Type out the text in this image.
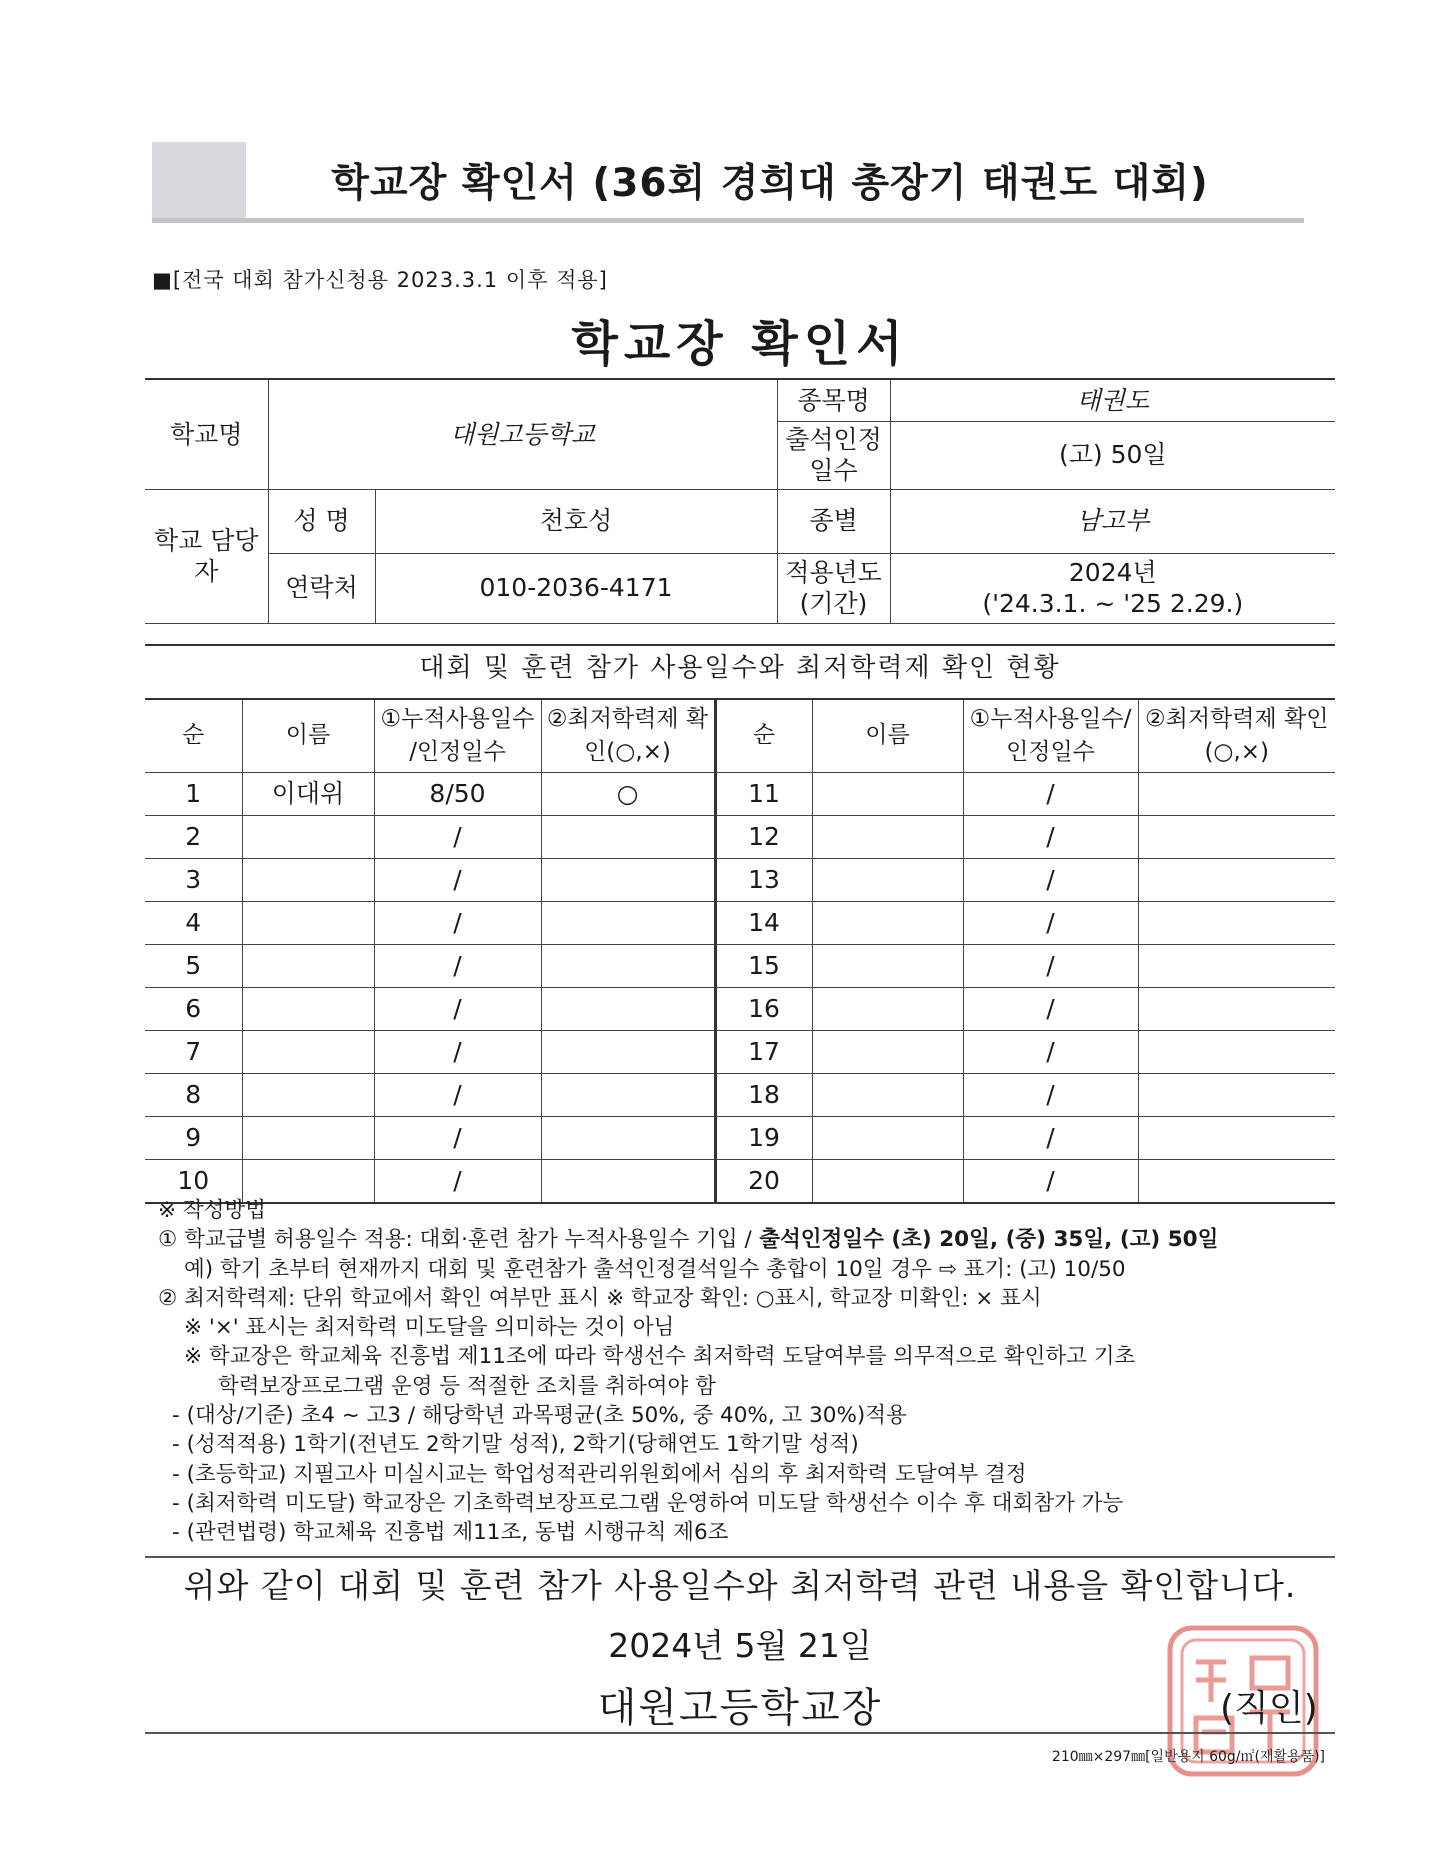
학교장 확인서 (36회 경희대 총장기 태권도 대회)
■[전국 대회 참가신청용 2023.3.1 이후 적용]
학교장 확인서
학교명	대원고등학교		종목명	태권도
			출석인정 일수	(고) 50일
학교 담당자	성 명	천호성	종별	남고부
	연락처	010-2036-4171	적용년도 (기간)	2024년
('24.3.1. ~ '25 2.29.)
대회 및 훈련 참가 사용일수와 최저학력제 확인 현황
순	이름	①누적사용일수 /인정일수	②최저학력제 확인(○,×)	순	이름	①누적사용일수/ 인정일수	②최저학력제 확인(○,×)
1	이대위	8/50	○	11		/	
2		/		12		/	
3		/		13		/	
4		/		14		/	
5		/		15		/	
6		/		16		/	
7		/		17		/	
8		/		18		/	
9		/		19		/	
10		/		20		/	
※ 작성방법
① 학교급별 허용일수 적용: 대회·훈련 참가 누적사용일수 기입 / 출석인정일수 (초) 20일, (중) 35일, (고) 50일
예) 학기 초부터 현재까지 대회 및 훈련참가 출석인정결석일수 총합이 10일 경우 ⇨ 표기: (고) 10/50
② 최저학력제: 단위 학교에서 확인 여부만 표시 ※ 학교장 확인: ○표시, 학교장 미확인: × 표시
※ '×' 표시는 최저학력 미도달을 의미하는 것이 아님
※ 학교장은 학교체육 진흥법 제11조에 따라 학생선수 최저학력 도달여부를 의무적으로 확인하고 기초
학력보장프로그램 운영 등 적절한 조치를 취하여야 함
- (대상/기준) 초4 ~ 고3 / 해당학년 과목평균(초 50%, 중 40%, 고 30%)적용
- (성적적용) 1학기(전년도 2학기말 성적), 2학기(당해연도 1학기말 성적)
- (초등학교) 지필고사 미실시교는 학업성적관리위원회에서 심의 후 최저학력 도달여부 결정
- (최저학력 미도달) 학교장은 기초학력보장프로그램 운영하여 미도달 학생선수 이수 후 대회참가 가능
- (관련법령) 학교체육 진흥법 제11조, 동법 시행규칙 제6조
위와 같이 대회 및 훈련 참가 사용일수와 최저학력 관련 내용을 확인합니다.
2024년 5월 21일
대원고등학교장	(직인)
210㎜×297㎜[일반용지 60g/㎡(재활용품)]
